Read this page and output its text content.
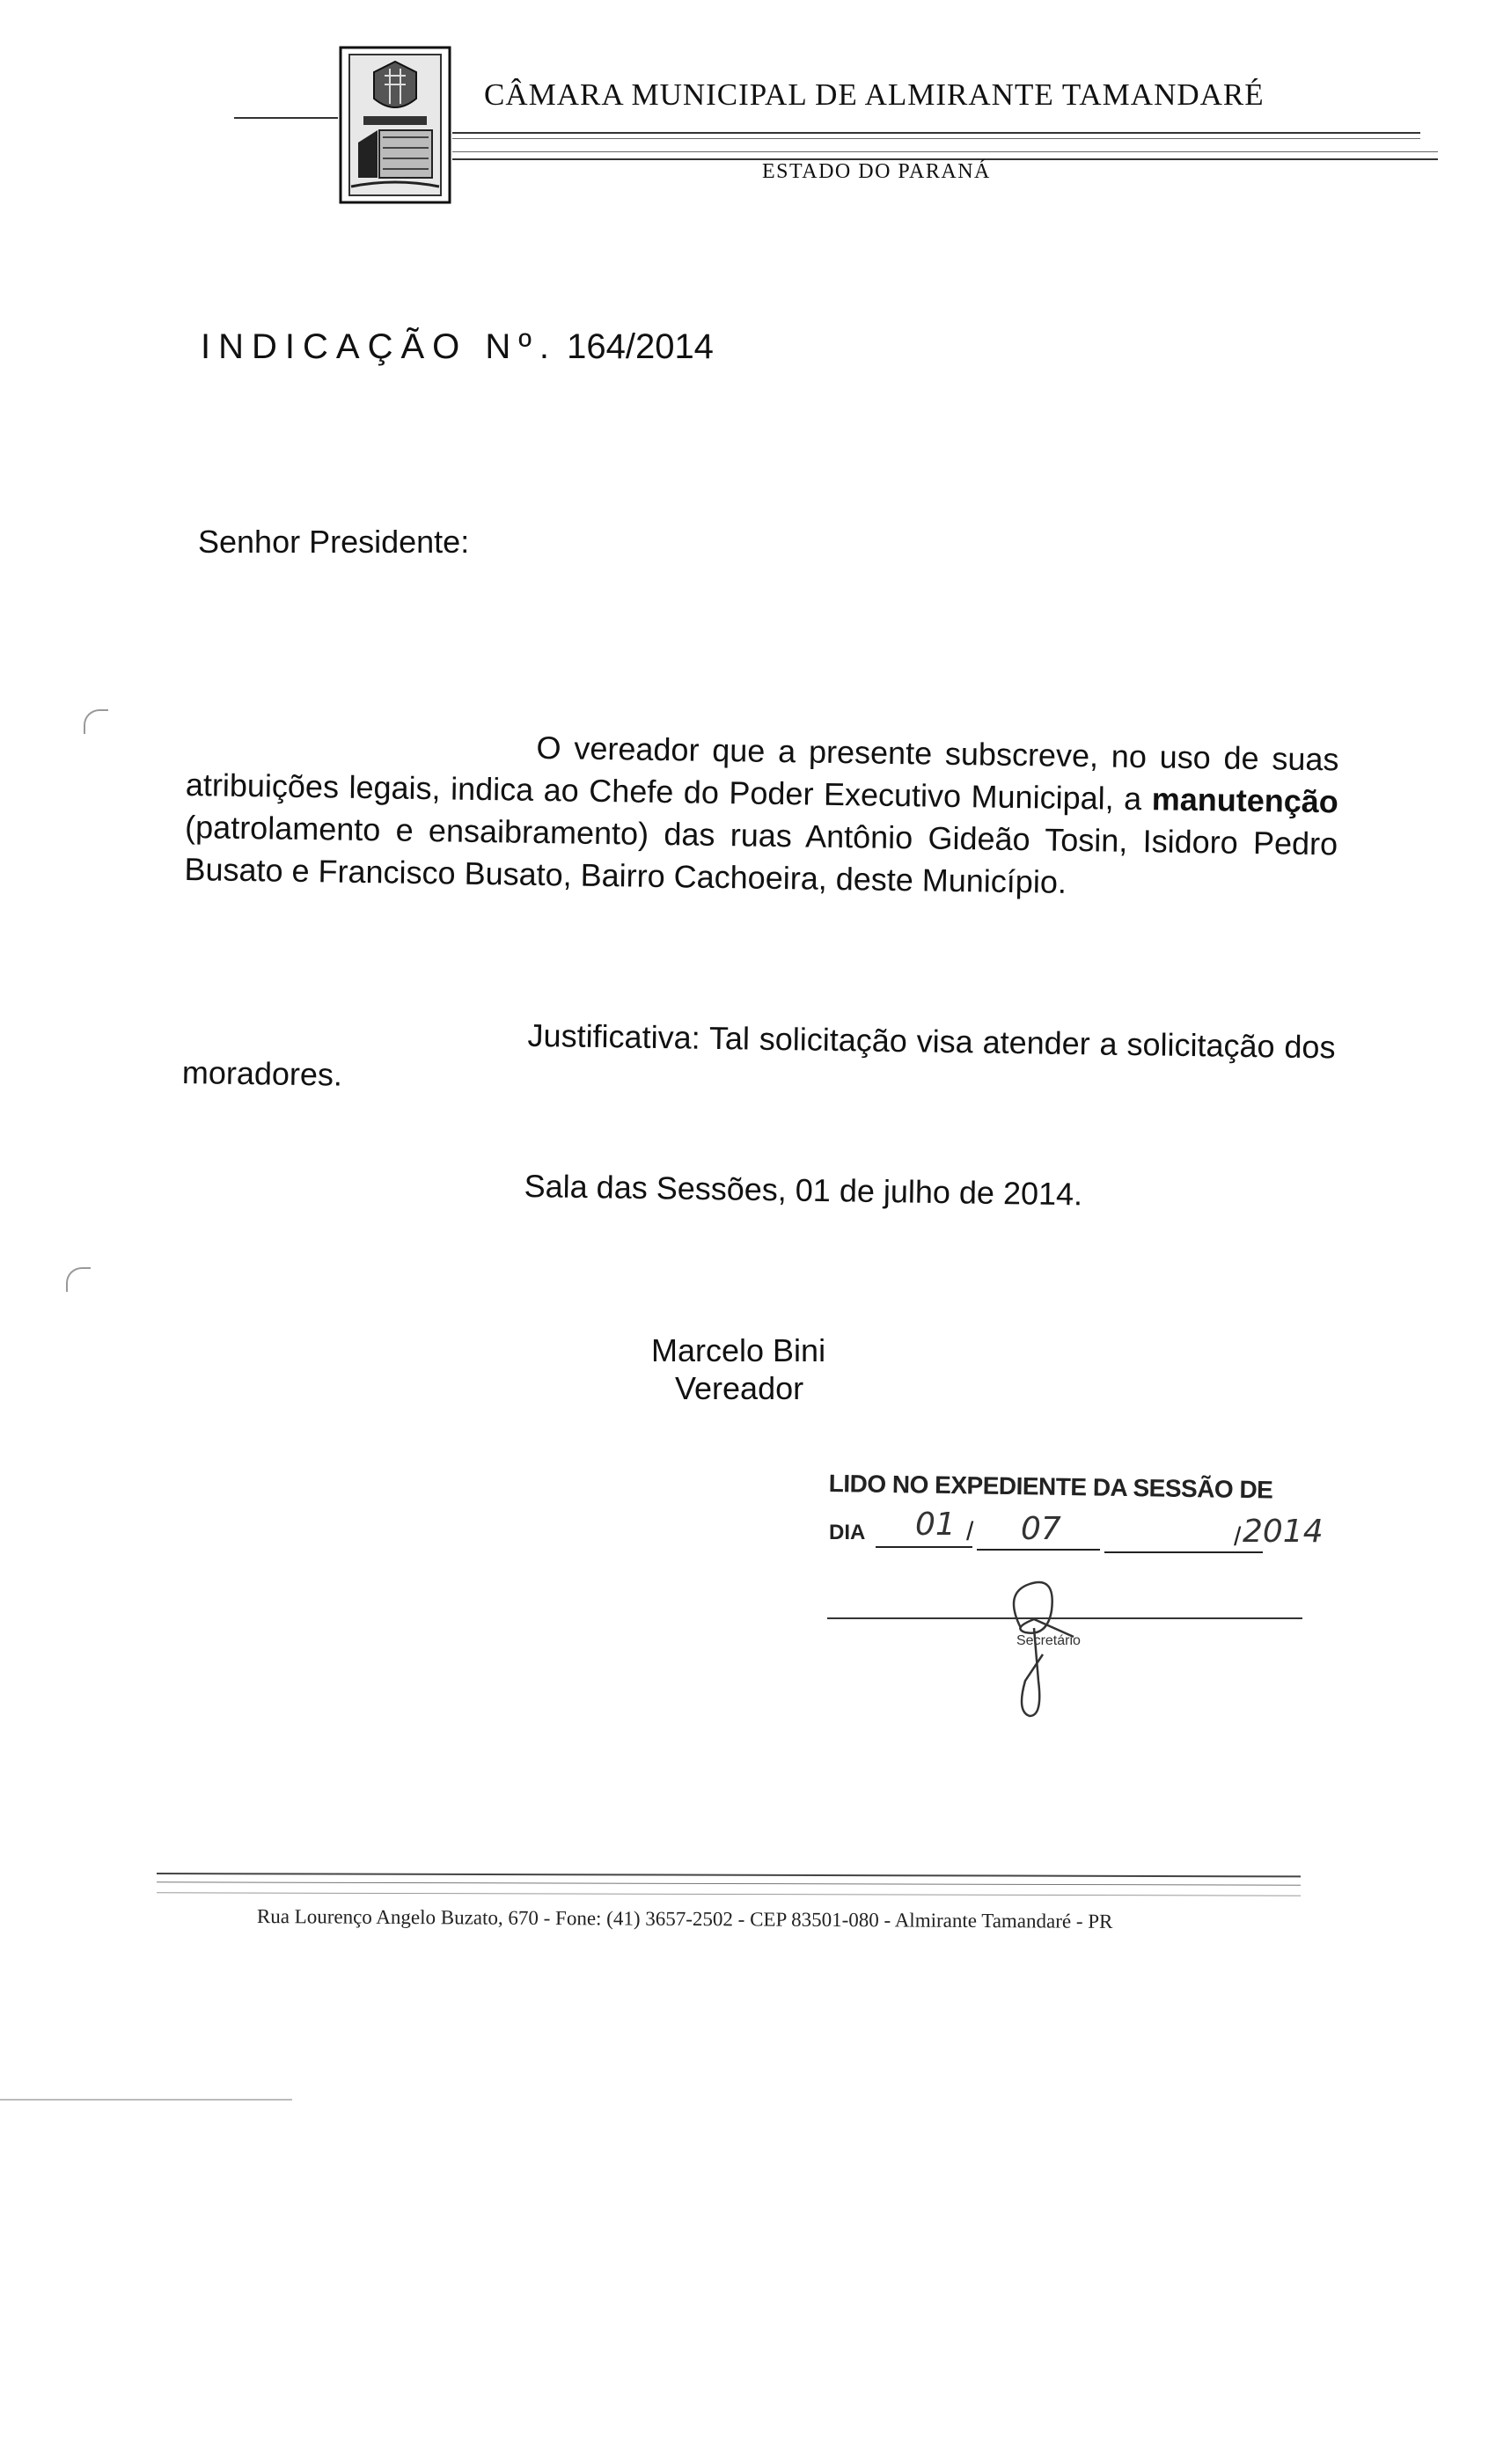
CÂMARA MUNICIPAL DE ALMIRANTE TAMANDARÉ
ESTADO DO PARANÁ
INDICAÇÃO Nº. 164/2014
Senhor Presidente:
O vereador que a presente subscreve, no uso de suas atribuições legais, indica ao Chefe do Poder Executivo Municipal, a manutenção (patrolamento e ensaibramento) das ruas Antônio Gideão Tosin, Isidoro Pedro Busato e Francisco Busato, Bairro Cachoeira, deste Município.
Justificativa: Tal solicitação visa atender a solicitação dos moradores.
Sala das Sessões, 01 de julho de 2014.
Marcelo Bini
Vereador
LIDO NO EXPEDIENTE DA SESSÃO DE
DIA 01 / 07	/ 2014
Secretário
Rua Lourenço Angelo Buzato, 670 - Fone: (41) 3657-2502 - CEP 83501-080 - Almirante Tamandaré - PR
